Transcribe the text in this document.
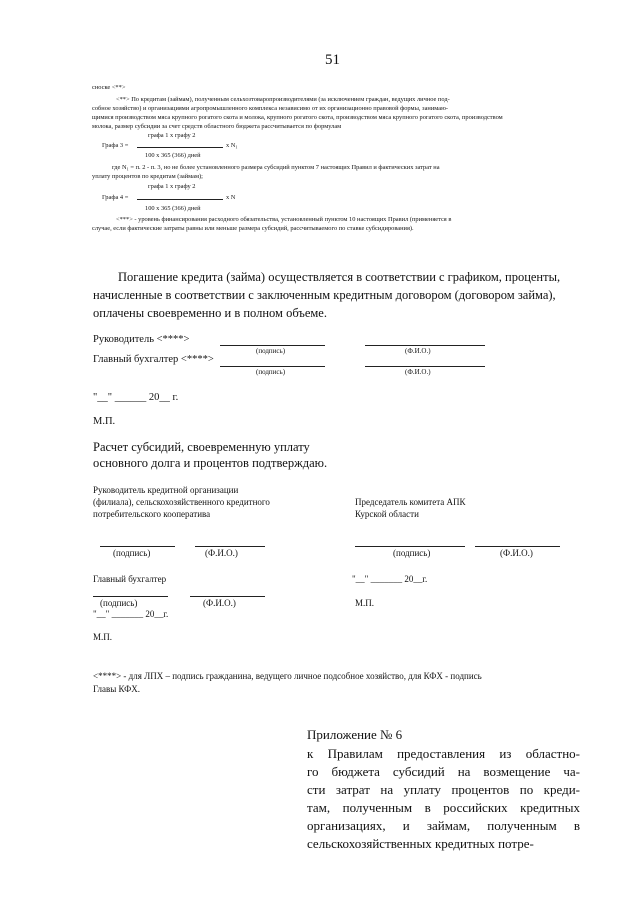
51
сноске <**>
<**> По кредитам (займам), полученным сельхозтоваропроизводителями (за исключением граждан, ведущих личное под-
собное хозяйство) и организациями агропромышленного комплекса независимо от их организационно правовой формы, занимаю-
щимися производством мяса крупного рогатого скота и молока, крупного рогатого скота, производством мяса крупного рогатого скота, производством
молока, размер субсидии за счет средств областного бюджета рассчитывается по формулам
графа 1 х графу 2
Графа 3 =	х N₁
100 х 365 (366) дней
где N₁ = п. 2 - п. 3, но не более установленного размера субсидий пунктом 7 настоящих Правил и фактических затрат на
уплату процентов по кредитам (займам);
графа 1 х графу 2
Графа 4 =	х N
100 х 365 (366) дней
<***> - уровень финансирования расходного обязательства, установленный пунктом 10 настоящих Правил (применяется в
случае, если фактические затраты равны или меньше размера субсидий, рассчитываемого по ставке субсидирования).
Погашение кредита (займа) осуществляется в соответствии с графиком, проценты,
начисленные в соответствии с заключенным кредитным договором (договором займа),
оплачены своевременно и в полном объеме.
Руководитель <****>
(подпись)	(Ф.И.О.)
Главный бухгалтер <****>
(подпись)	(Ф.И.О.)
"__" ______ 20__ г.
М.П.
Расчет субсидий, своевременную уплату
основного долга и процентов подтверждаю.
Руководитель кредитной организации
(филиала), сельскохозяйственного кредитного
потребительского кооператива
Председатель комитета АПК
Курской области
(подпись)	(Ф.И.О.)	(подпись)	(Ф.И.О.)
Главный бухгалтер	"__" _______ 20__г.
(подпись)	(Ф.И.О.)	М.П.
"__" _______ 20__г.
М.П.
<****> - для ЛПХ – подпись гражданина, ведущего личное подсобное хозяйство, для КФХ - подпись
Главы КФХ.
Приложение № 6
к Правилам предоставления из областно-
го бюджета субсидий на возмещение ча-
сти затрат на уплату процентов по креди-
там, полученным в российских кредитных
организациях, и займам, полученным в
сельскохозяйственных кредитных потре-
